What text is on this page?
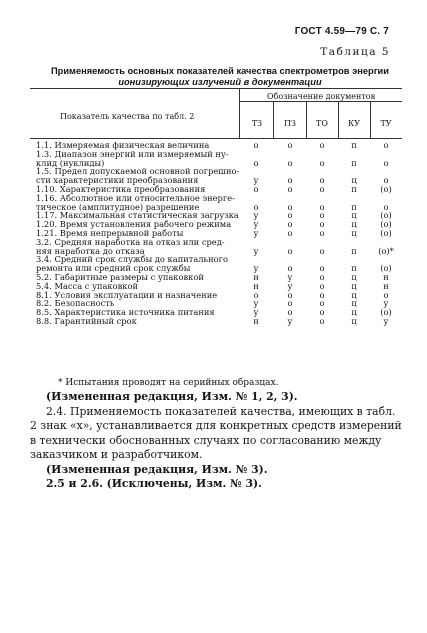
ГОСТ 4.59—79 С. 7
Таблица 5
Применяемость основных показателей качества спектрометров энергии
ионизирующих излучений в документации
Показатель качества по табл. 2
Обозначение документов
ТЗ	ПЗ	ТО	КУ	ТУ
1.1. Измеряемая физическая величина	о	о	о	п	о
1.3. Диапазон энергий или измеряемый ну-
клид (нуклиды)	о	о	о	п	о
1.5. Предел допускаемой основной погрешно-
сти характеристики преобразования	у	о	о	ц	о
1.10. Характеристика преобразования	о	о	о	п	(о)
1.16. Абсолютное или относительное энерге-
тическое (амплитудное) разрешение	о	о	о	п	о
1.17. Максимальная статистическая загрузка	у	о	о	ц	(о)
1.20. Время установления рабочего режима	у	о	о	ц	(о)
1.21. Время непрерывной работы	у	о	о	ц	(о)
3.2. Средняя наработка на отказ или сред-
няя наработка до отказа	у	о	о	п	(о)*
3.4. Средний срок службы до капитального
ремонта или средний срок службы	у	о	о	п	(о)
5.2. Габаритные размеры с упаковкой	н	у	о	ц	н
5.4. Масса с упаковкой	н	у	о	ц	н
8.1. Условия эксплуатации и назначение	о	о	о	ц	о
8.2. Безопасность	у	о	о	ц	у
8.5. Характеристика источника питания	у	о	о	ц	(о)
8.8. Гарантийный срок	н	у	о	ц	у
* Испытания проводят на серийных образцах.

(Измененная редакция, Изм. № 1, 2, 3).

2.4. Применяемость показателей качества, имеющих в табл. 2 знак «х», устанавливается для конкретных средств измерений в технически обоснованных случаях по согласованию между заказчиком и разработчиком.

(Измененная редакция, Изм. № 3).

2.5 и 2.6. (Исключены, Изм. № 3).
